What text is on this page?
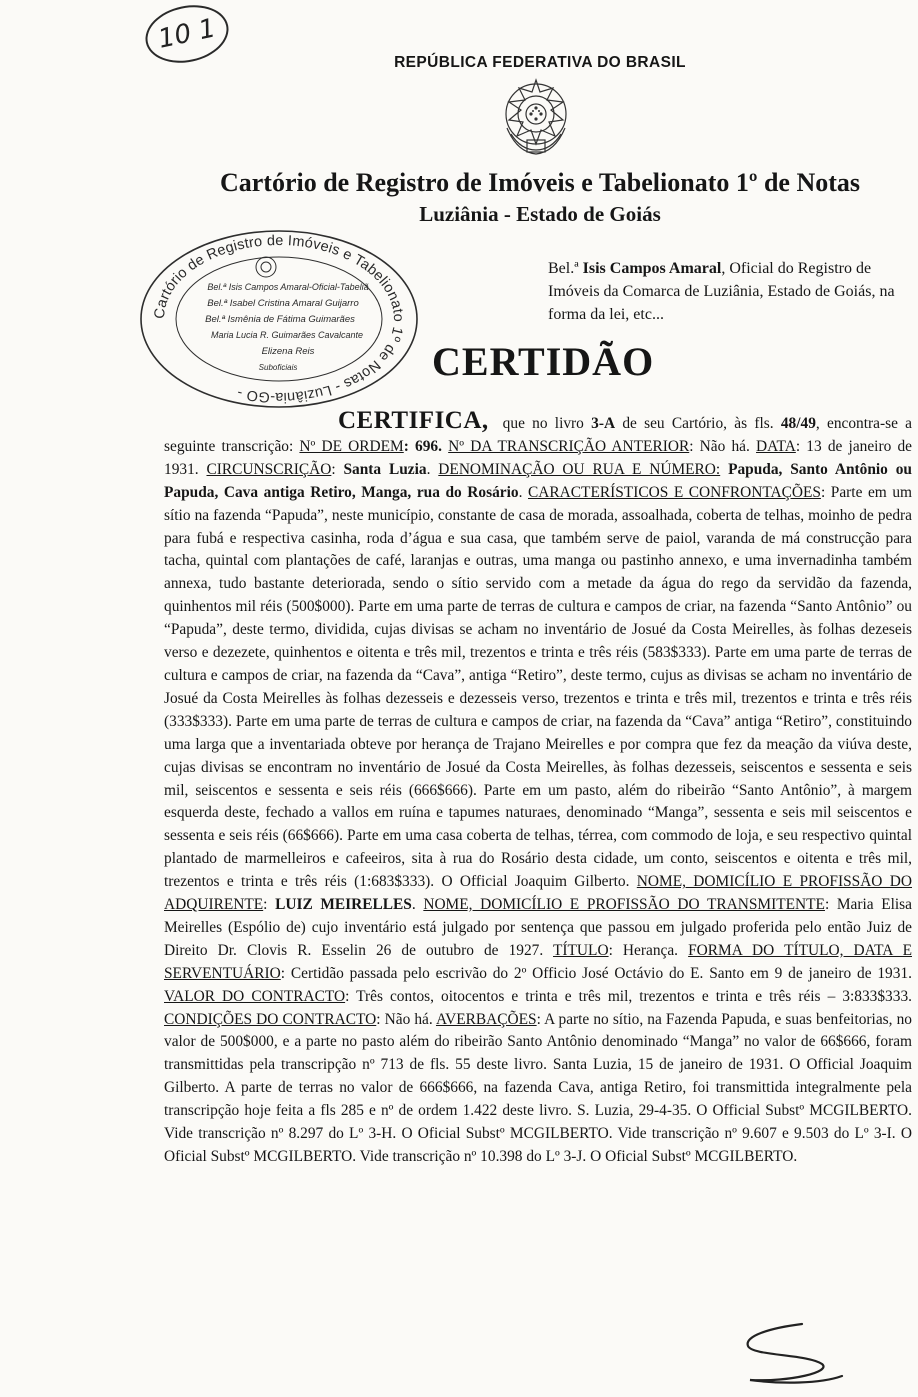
10 1
REPÚBLICA FEDERATIVA DO BRASIL
Cartório de Registro de Imóveis e Tabelionato 1º de Notas
Luziânia - Estado de Goiás
Cartório de Registro de Imóveis e Tabelionato 1º de Notas - Luziânia-GO -
Bel.ª Isis Campos Amaral-Oficial-Tabeliã
Bel.ª Isabel Cristina Amaral Guijarro
Bel.ª Ismênia de Fátima Guimarães
Maria Lucia R. Guimarães Cavalcante
Elizena Reis
Suboficiais
Bel.ª Isis Campos Amaral, Oficial do Registro de Imóveis da Comarca de Luziânia, Estado de Goiás, na forma da lei, etc...
CERTIDÃO

CERTIFICA, que no livro 3-A de seu Cartório, às fls. 48/49, encontra-se a seguinte transcrição: Nº DE ORDEM: 696. Nº DA TRANSCRIÇÃO ANTERIOR: Não há. DATA: 13 de janeiro de 1931. CIRCUNSCRIÇÃO: Santa Luzia. DENOMINAÇÃO OU RUA E NÚMERO: Papuda, Santo Antônio ou Papuda, Cava antiga Retiro, Manga, rua do Rosário. CARACTERÍSTICOS E CONFRONTAÇÕES: Parte em um sítio na fazenda “Papuda”, neste município, constante de casa de morada, assoalhada, coberta de telhas, moinho de pedra para fubá e respectiva casinha, roda d’água e sua casa, que também serve de paiol, varanda de má construcção para tacha, quintal com plantações de café, laranjas e outras, uma manga ou pastinho annexo, e uma invernadinha também annexa, tudo bastante deteriorada, sendo o sítio servido com a metade da água do rego da servidão da fazenda, quinhentos mil réis (500$000). Parte em uma parte de terras de cultura e campos de criar, na fazenda “Santo Antônio” ou “Papuda”, deste termo, dividida, cujas divisas se acham no inventário de Josué da Costa Meirelles, às folhas dezeseis verso e dezezete, quinhentos e oitenta e três mil, trezentos e trinta e três réis (583$333). Parte em uma parte de terras de cultura e campos de criar, na fazenda da “Cava”, antiga “Retiro”, deste termo, cujus as divisas se acham no inventário de Josué da Costa Meirelles às folhas dezesseis e dezesseis verso, trezentos e trinta e três mil, trezentos e trinta e três réis (333$333). Parte em uma parte de terras de cultura e campos de criar, na fazenda da “Cava” antiga “Retiro”, constituindo uma larga que a inventariada obteve por herança de Trajano Meirelles e por compra que fez da meação da viúva deste, cujas divisas se encontram no inventário de Josué da Costa Meirelles, às folhas dezesseis, seiscentos e sessenta e seis mil, seiscentos e sessenta e seis réis (666$666). Parte em um pasto, além do ribeirão “Santo Antônio”, à margem esquerda deste, fechado a vallos em ruína e tapumes naturaes, denominado “Manga”, sessenta e seis mil seiscentos e sessenta e seis réis (66$666). Parte em uma casa coberta de telhas, térrea, com commodo de loja, e seu respectivo quintal plantado de marmelleiros e cafeeiros, sita à rua do Rosário desta cidade, um conto, seiscentos e oitenta e três mil, trezentos e trinta e três réis (1:683$333). O Official Joaquim Gilberto. NOME, DOMICÍLIO E PROFISSÃO DO ADQUIRENTE: LUIZ MEIRELLES. NOME, DOMICÍLIO E PROFISSÃO DO TRANSMITENTE: Maria Elisa Meirelles (Espólio de) cujo inventário está julgado por sentença que passou em julgado proferida pelo então Juiz de Direito Dr. Clovis R. Esselin 26 de outubro de 1927. TÍTULO: Herança. FORMA DO TÍTULO, DATA E SERVENTUÁRIO: Certidão passada pelo escrivão do 2º Officio José Octávio do E. Santo em 9 de janeiro de 1931. VALOR DO CONTRACTO: Três contos, oitocentos e trinta e três mil, trezentos e trinta e três réis – 3:833$333. CONDIÇÕES DO CONTRACTO: Não há. AVERBAÇÕES: A parte no sítio, na Fazenda Papuda, e suas benfeitorias, no valor de 500$000, e a parte no pasto além do ribeirão Santo Antônio denominado “Manga” no valor de 66$666, foram transmittidas pela transcripção nº 713 de fls. 55 deste livro. Santa Luzia, 15 de janeiro de 1931. O Official Joaquim Gilberto. A parte de terras no valor de 666$666, na fazenda Cava, antiga Retiro, foi transmittida integralmente pela transcripção hoje feita a fls 285 e nº de ordem 1.422 deste livro. S. Luzia, 29-4-35. O Official Substº MCGILBERTO. Vide transcrição nº 8.297 do Lº 3-H. O Oficial Substº MCGILBERTO. Vide transcrição nº 9.607 e 9.503 do Lº 3-I. O Oficial Substº MCGILBERTO. Vide transcrição nº 10.398 do Lº 3-J. O Oficial Substº MCGILBERTO.
